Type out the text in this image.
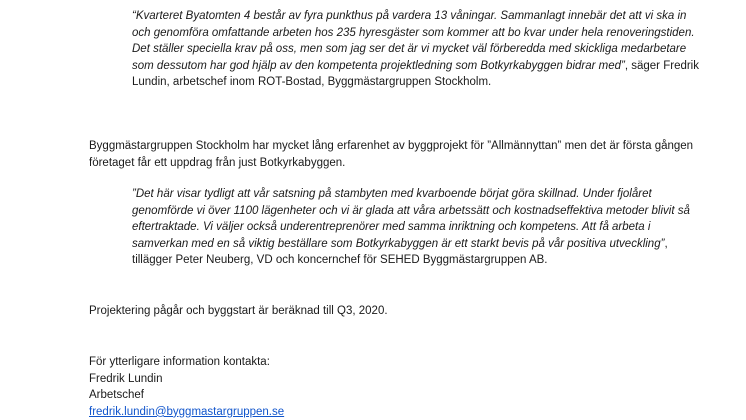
“Kvarteret Byatomten 4 består av fyra punkthus på vardera 13 våningar. Sammanlagt innebär det att vi ska in och genomföra omfattande arbeten hos 235 hyresgäster som kommer att bo kvar under hela renoveringstiden. Det ställer speciella krav på oss, men som jag ser det är vi mycket väl förberedda med skickliga medarbetare som dessutom har god hjälp av den kompetenta projektledning som Botkyrkabyggen bidrar med”, säger Fredrik Lundin, arbetschef inom ROT-Bostad, Byggmästargruppen Stockholm.

Byggmästargruppen Stockholm har mycket lång erfarenhet av byggprojekt för ”Allmännyttan” men det är första gången företaget får ett uppdrag från just Botkyrkabyggen.

”Det här visar tydligt att vår satsning på stambyten med kvarboende börjat göra skillnad. Under fjolåret genomförde vi över 1100 lägenheter och vi är glada att våra arbetssätt och kostnadseffektiva metoder blivit så eftertraktade. Vi väljer också underentreprenörer med samma inriktning och kompetens. Att få arbeta i samverkan med en så viktig beställare som Botkyrkabyggen är ett starkt bevis på vår positiva utveckling”, tillägger Peter Neuberg, VD och koncernchef för SEHED Byggmästargruppen AB.

Projektering pågår och byggstart är beräknad till Q3, 2020.

För ytterligare information kontakta:
Fredrik Lundin
Arbetschef
fredrik.lundin@byggmastargruppen.se
